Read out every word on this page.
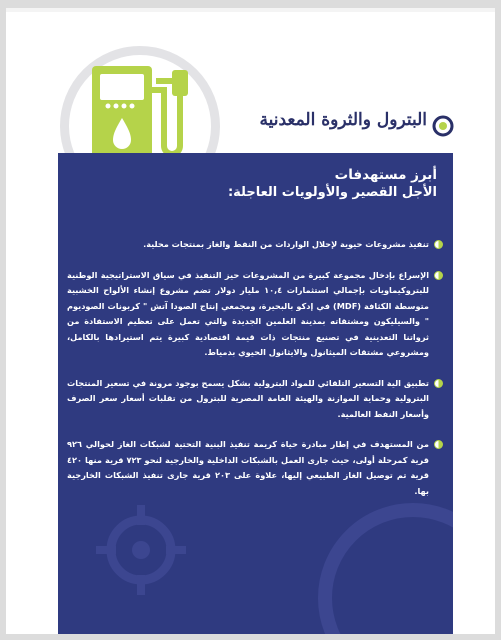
البترول والثروة المعدنية
أبرز مستهدفات
الأجل القصير والأولويات العاجلة:
تنفيذ مشروعات حيوية لإحلال الواردات من النفط والغاز بمنتجات محلية.
الإسراع بإدخال مجموعة كبيرة من المشروعات حيز التنفيذ في سياق الاستراتيجية الوطنية للبتروكيماويات بإجمالي استثمارات ١٠,٤ مليار دولار تضم مشروع إنشاء الألواح الخشبية متوسطة الكثافة (MDF) في إدكو بالبحيرة، ومجمعي إنتاج الصودا آتش " كربونات الصوديوم " والسيليكون ومشتقاته بمدينة العلمين الجديدة والتي تعمل على تعظيم الاستفادة من ثرواتنا التعدينية في تصنيع منتجات ذات قيمة اقتصادية كبيرة يتم استيرادها بالكامل، ومشروعي مشتقات الميثانول والايثانول الحيوي بدمياط.
تطبيق الية التسعير التلقائي للمواد البترولية بشكل يسمح بوجود مرونة في تسعير المنتجات البترولية وحماية الموازنة والهيئة العامة المصرية للبترول من تقلبات أسعار سعر الصرف وأسعار النفط العالمية.
من المستهدف في إطار مبادرة حياة كريمة تنفيذ البنية التحتية لشبكات الغاز لحوالي ٩٢٦ قرية كمرحلة أولى، حيث جارى العمل بالشبكات الداخلية والخارجية لنحو ٧٢٣ قرية منها ٤٢٠ قرية تم توصيل الغاز الطبيعي إليها، علاوة على ٢٠٣ قرية جارى تنفيذ الشبكات الخارجية بها.
